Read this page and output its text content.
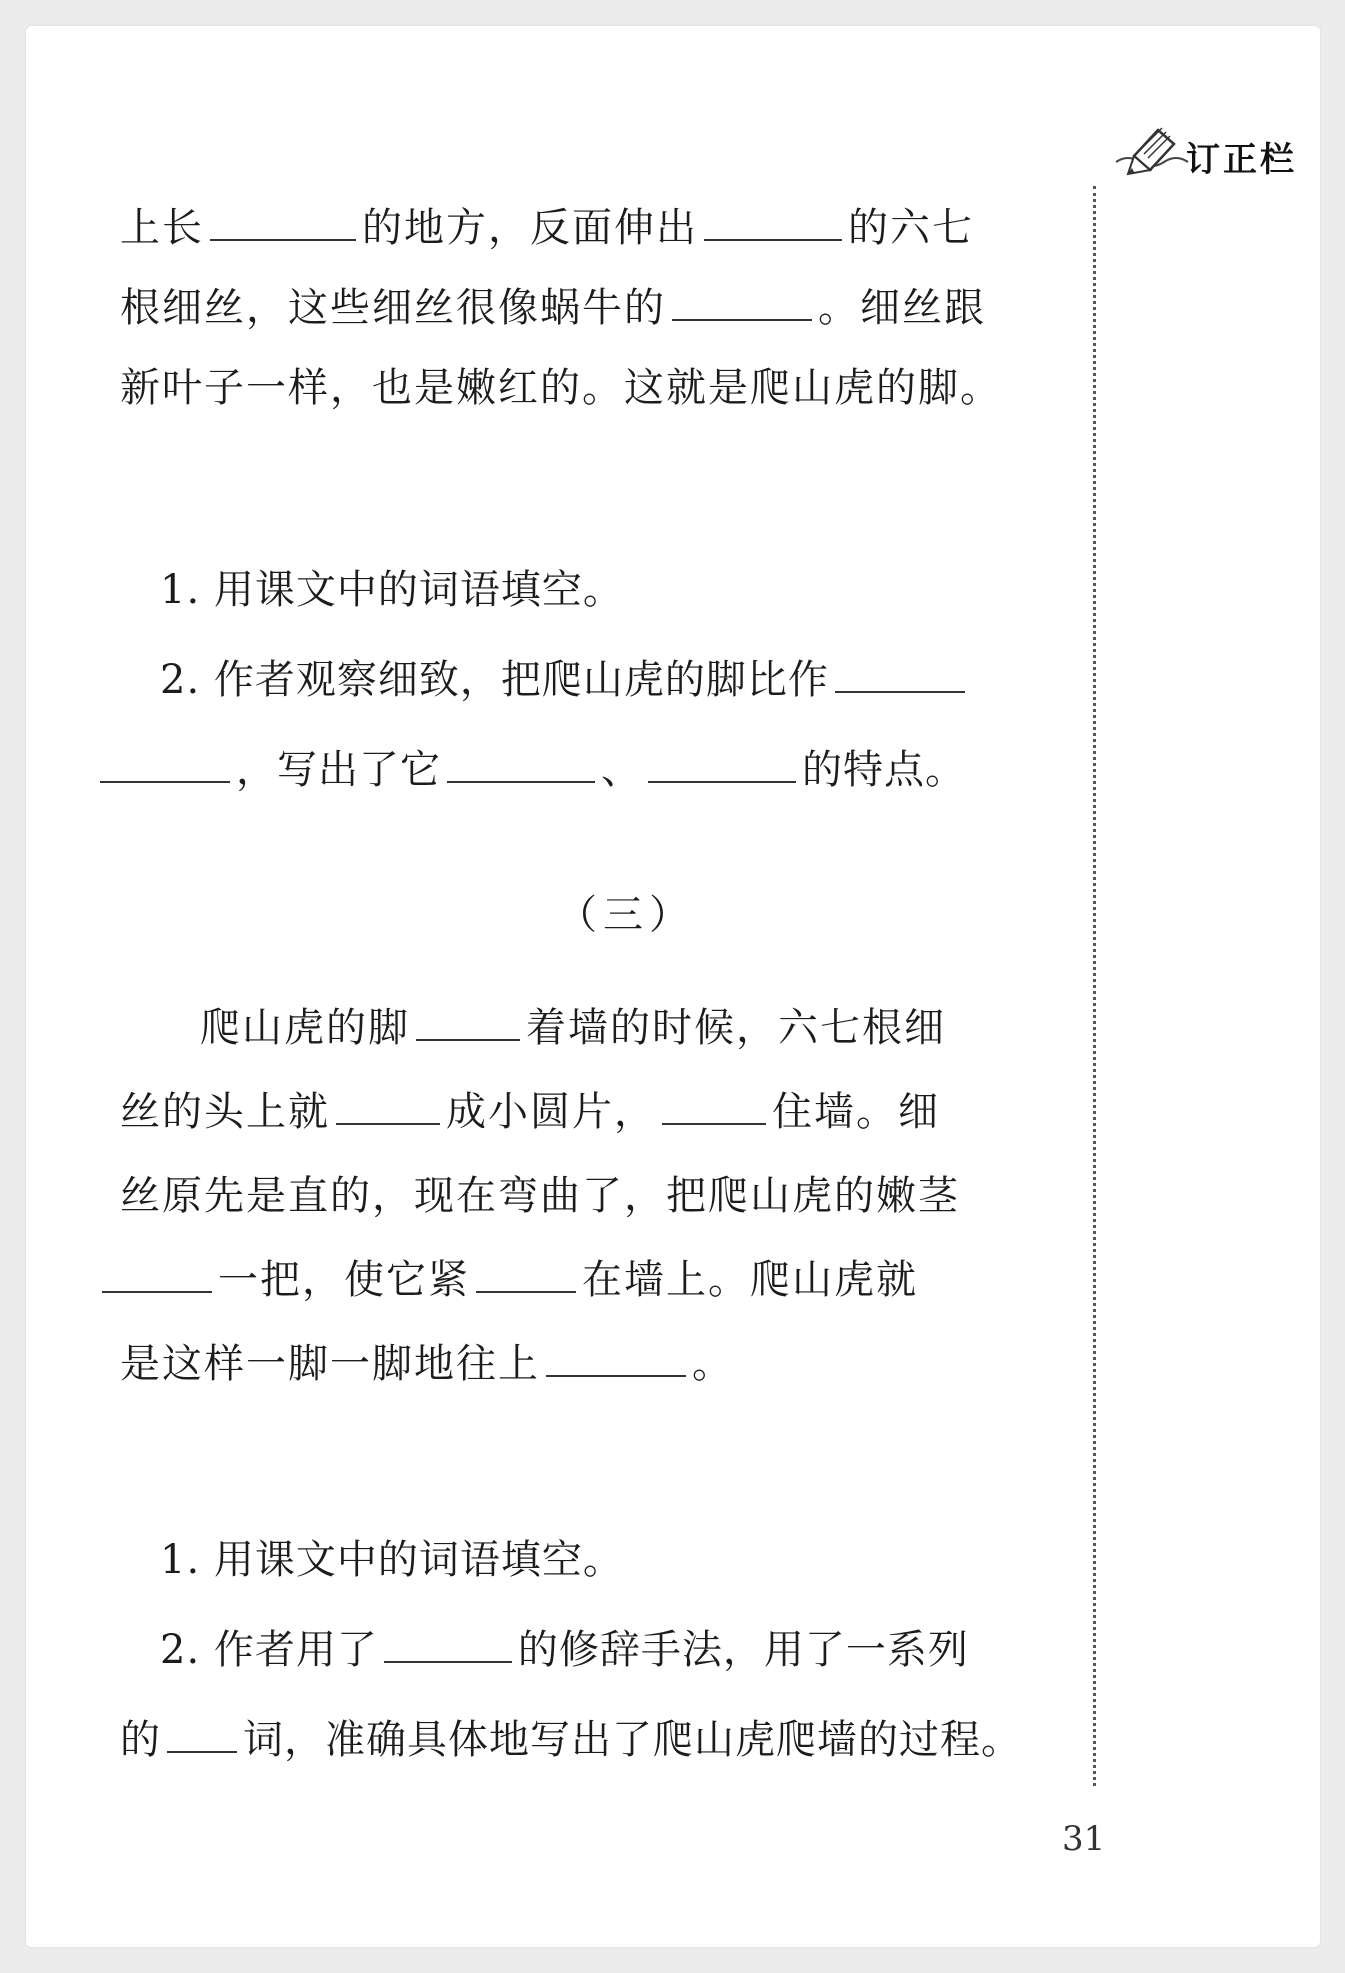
订正栏
上长	的地方，反面伸出	的六七
根细丝，这些细丝很像蜗牛的	。细丝跟
新叶子一样，也是嫩红的。这就是爬山虎的脚。
1. 用课文中的词语填空。
2. 作者观察细致，把爬山虎的脚比作
，写出了它	、	的特点。
（三）
爬山虎的脚	着墙的时候，六七根细
丝的头上就	成小圆片，	住墙。细
丝原先是直的，现在弯曲了，把爬山虎的嫩茎
一把，使它紧	在墙上。爬山虎就
是这样一脚一脚地往上	。
1. 用课文中的词语填空。
2. 作者用了	的修辞手法，用了一系列
的 词，准确具体地写出了爬山虎爬墙的过程。
31
